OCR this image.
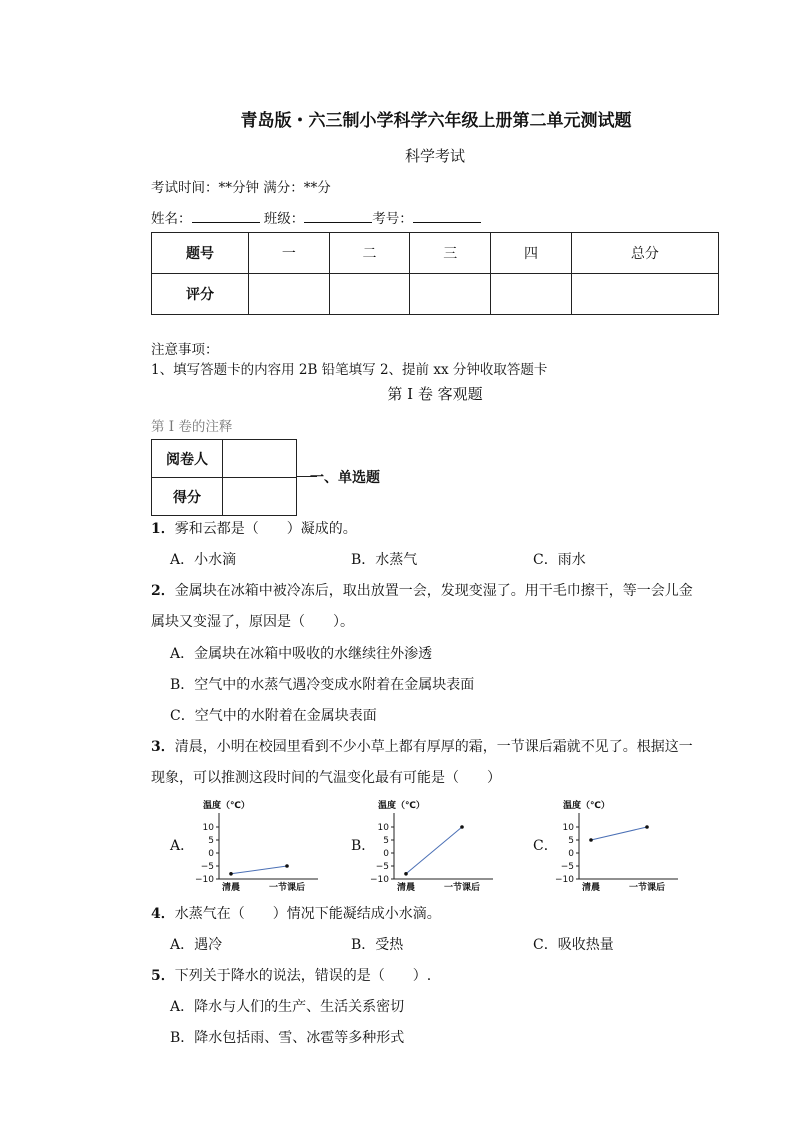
青岛版・六三制小学科学六年级上册第二单元测试题
科学考试
考试时间：**分钟 满分：**分
姓名：	班级：	考号：
题号	一	二	三	四	总分
评分					
注意事项：
1、填写答题卡的内容用 2B 铅笔填写 2、提前 xx 分钟收取答题卡
第 I 卷 客观题
第 I 卷的注释
阅卷人	
得分	
一、单选题
1．雾和云都是（　　）凝成的。
A．小水滴	B．水蒸气	C．雨水
2．金属块在冰箱中被冷冻后，取出放置一会，发现变湿了。用干毛巾擦干，等一会儿金
属块又变湿了，原因是（　　）。
A．金属块在冰箱中吸收的水继续往外渗透
B．空气中的水蒸气遇冷变成水附着在金属块表面
C．空气中的水附着在金属块表面
3．清晨，小明在校园里看到不少小草上都有厚厚的霜，一节课后霜就不见了。根据这一
现象，可以推测这段时间的气温变化最有可能是（　　）
A．	B．	C．
温度（℃）
10
5
0
−5
−10
清晨	一节课后
温度（℃）
10
5
0
−5
−10
清晨	一节课后
温度（℃）
10
5
0
−5
−10
清晨	一节课后
4．水蒸气在（　　）情况下能凝结成小水滴。
A．遇冷	B．受热	C．吸收热量
5．下列关于降水的说法，错误的是（　　）.
A．降水与人们的生产、生活关系密切
B．降水包括雨、雪、冰雹等多种形式
